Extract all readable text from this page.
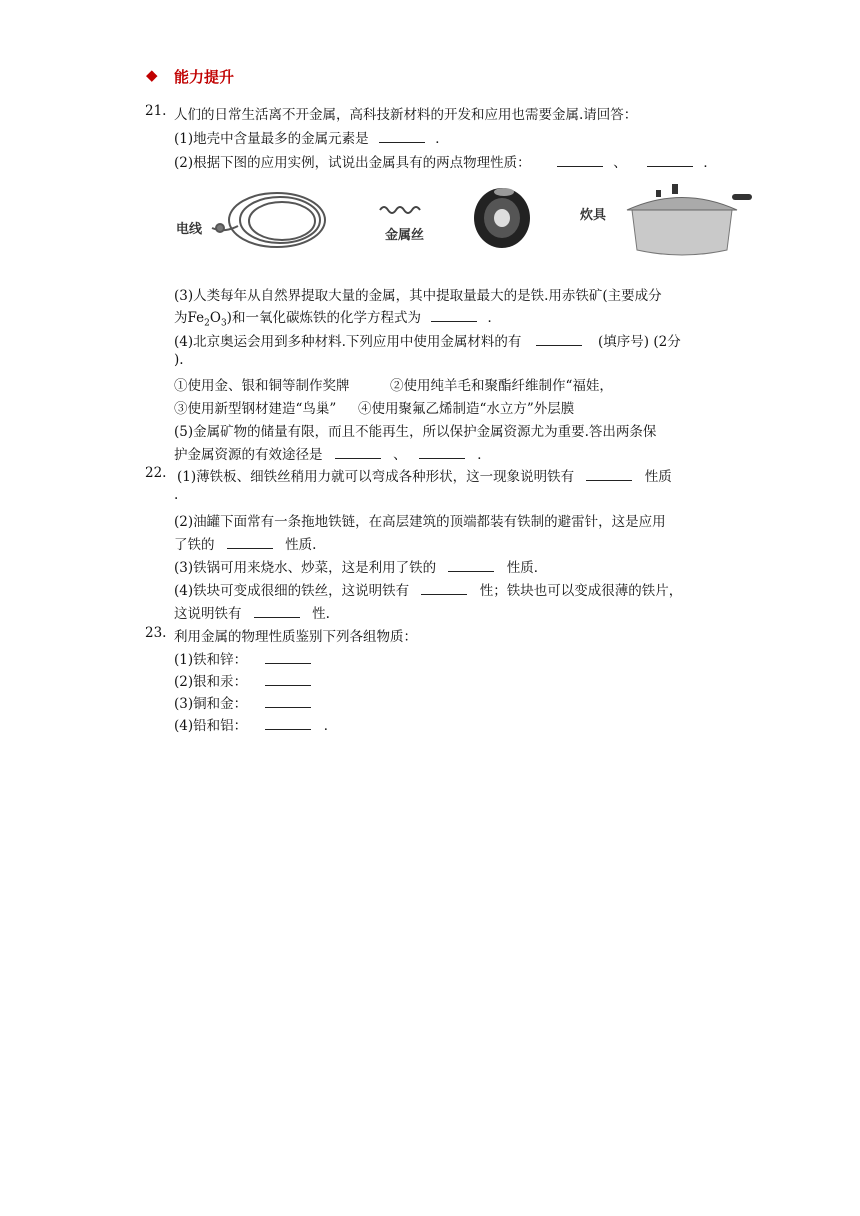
◆ 能力提升
21. 人们的日常生活离不开金属，高科技新材料的开发和应用也需要金属.请回答：
(1)地壳中含量最多的金属元素是	．
(2)根据下图的应用实例，试说出金属具有的两点物理性质：	、	．
电线	金属丝
炊具
(3)人类每年从自然界提取大量的金属，其中提取量最大的是铁.用赤铁矿(主要成分
为$Fe_2O_3$)和一氧化碳炼铁的化学方程式为	．
(4)北京奥运会用到多种材料.下列应用中使用金属材料的有	(填序号) (2分
).
①使用金、银和铜等制作奖牌	②使用纯羊毛和聚酯纤维制作“福娃，
③使用新型钢材建造“鸟巢” ④使用聚氟乙烯制造“水立方”外层膜
(5)金属矿物的储量有限，而且不能再生，所以保护金属资源尤为重要.答出两条保
护金属资源的有效途径是	、	．
22. (1)薄铁板、细铁丝稍用力就可以弯成各种形状，这一现象说明铁有	性质
.
(2)油罐下面常有一条拖地铁链，在高层建筑的顶端都装有铁制的避雷针，这是应用
了铁的	性质.
(3)铁锅可用来烧水、炒菜，这是利用了铁的	性质．
(4)铁块可变成很细的铁丝，这说明铁有	性；铁块也可以变成很薄的铁片，
这说明铁有	性.
23. 利用金属的物理性质鉴别下列各组物质：
(1)铁和锌：
(2)银和汞：
(3)铜和金：
(4)铅和铝：	．
